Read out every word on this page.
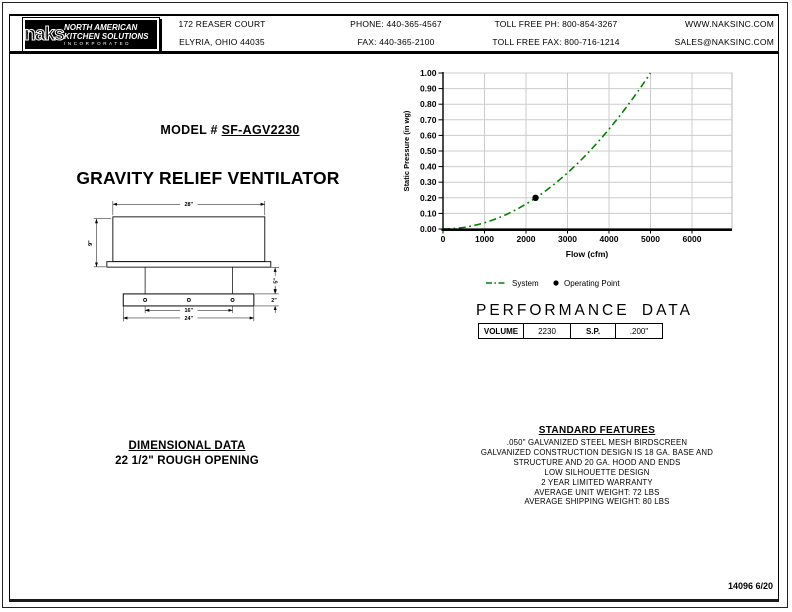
naks NORTH AMERICAN
KITCHEN SOLUTIONS
INCORPORATED
172 REASER COURT
ELYRIA, OHIO 44035
PHONE: 440-365-4567
FAX: 440-365-2100
TOLL FREE PH: 800-854-3267
TOLL FREE FAX: 800-716-1214
WWW.NAKSINC.COM
SALES@NAKSINC.COM
MODEL # SF-AGV2230
GRAVITY RELIEF VENTILATOR
28"
9"
5"
2"
16"
24"
DIMENSIONAL DATA
22 1/2" ROUGH OPENING
0	1000	2000	3000	4000	5000	6000
0.00
0.10
0.20
0.30
0.40
0.50
0.60
0.70
0.80
0.90
1.00
Flow (cfm)
Static Pressure (in wg)
System	Operating Point
PERFORMANCE DATA
VOLUME	2230	S.P.	.200"
STANDARD FEATURES
.050" GALVANIZED STEEL MESH BIRDSCREEN
GALVANIZED CONSTRUCTION DESIGN IS 18 GA. BASE AND
STRUCTURE AND 20 GA. HOOD AND ENDS
LOW SILHOUETTE DESIGN
2 YEAR LIMITED WARRANTY
AVERAGE UNIT WEIGHT: 72 LBS
AVERAGE SHIPPING WEIGHT: 80 LBS
14096 6/20
